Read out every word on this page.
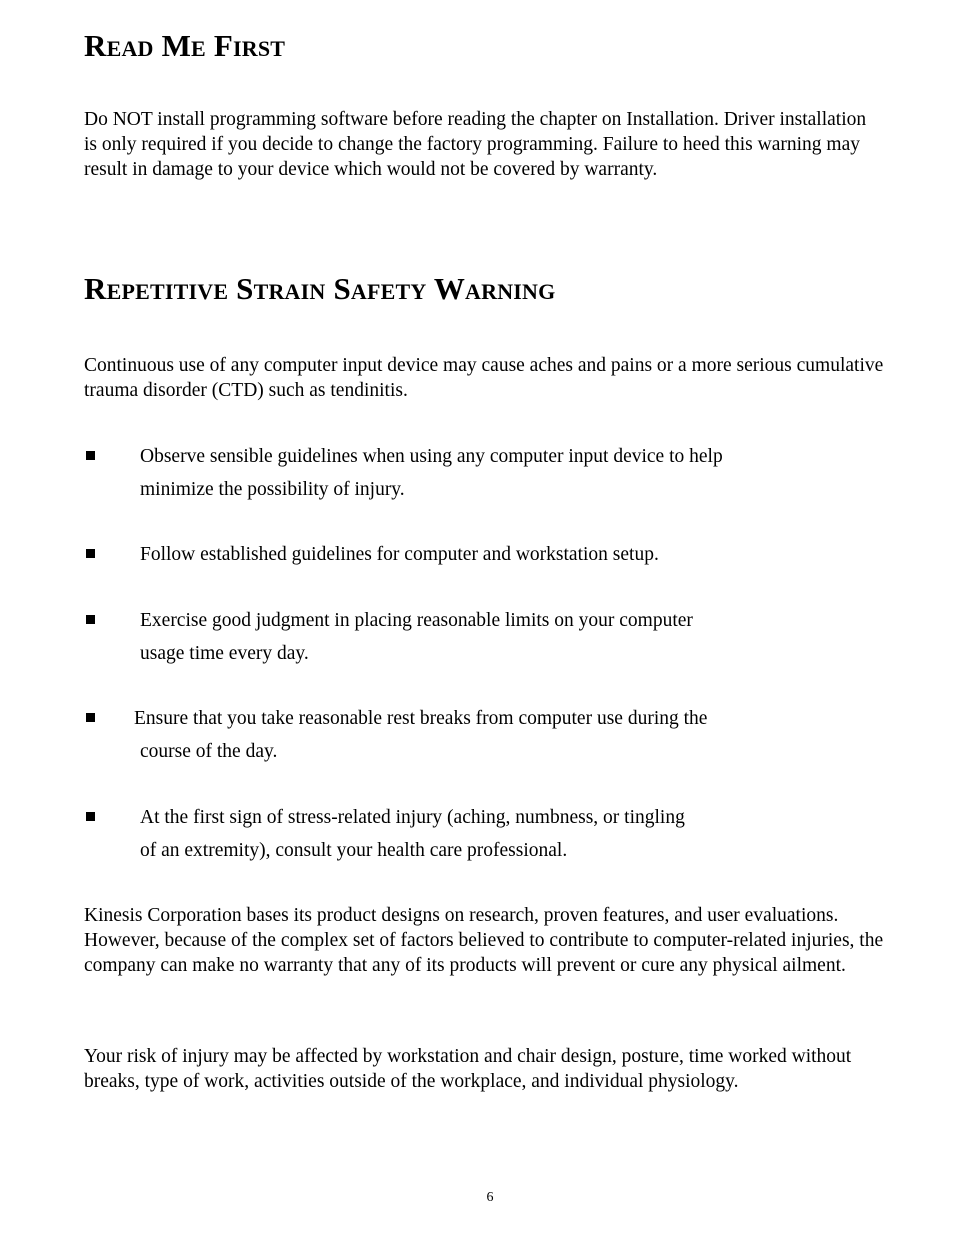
Read Me First

Do NOT install programming software before reading the chapter on Installation. Driver installation is only required if you decide to change the factory programming. Failure to heed this warning may result in damage to your device which would not be covered by warranty.

Repetitive Strain Safety Warning

Continuous use of any computer input device may cause aches and pains or a more serious cumulative trauma disorder (CTD) such as tendinitis.

Observe sensible guidelines when using any computer input device to help
minimize the possibility of injury.
Follow established guidelines for computer and workstation setup.
Exercise good judgment in placing reasonable limits on your computer
usage time every day.
Ensure that you take reasonable rest breaks from computer use during the
course of the day.
At the first sign of stress-related injury (aching, numbness, or tingling
of an extremity), consult your health care professional.

Kinesis Corporation bases its product designs on research, proven features, and user evaluations. However, because of the complex set of factors believed to contribute to computer-related injuries, the company can make no warranty that any of its products will prevent or cure any physical ailment.

Your risk of injury may be affected by workstation and chair design, posture, time worked without breaks, type of work, activities outside of the workplace, and individual physiology.

6
